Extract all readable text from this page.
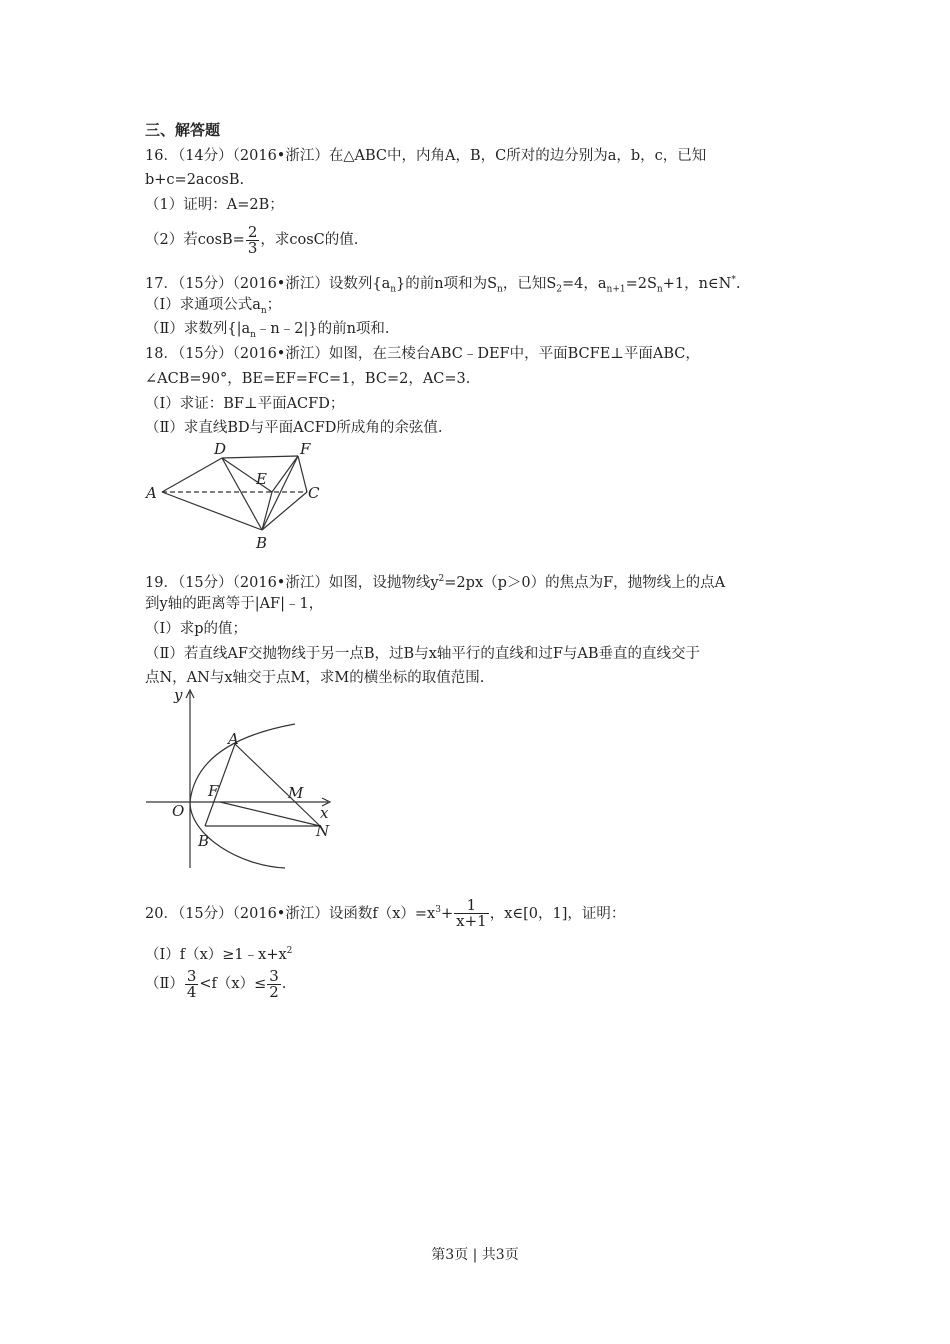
三、解答题
16．（14分）（2016•浙江）在△ABC中，内角A，B，C所对的边分别为a，b，c，已知
b+c=2acosB.
（1）证明：A=2B；
（2）若$\cos B= \frac{2}{3}$ ，求cosC的值.
17．（15分）（2016•浙江）设数列$\{a_n\}$的前n项和为$S_n$，已知$S_2=4$，$a_{n+1}=2S_n+1$，n∈N*.
（Ⅰ）求通项公式$a_n$；
（Ⅱ）求数列$\{|a_n﹣n﹣2|\}$的前n项和.
18．（15分）（2016•浙江）如图，在三棱台ABC﹣DEF中，平面BCFE⊥平面ABC，
∠ACB=90°，BE=EF=FC=1，BC=2，AC=3.
（Ⅰ）求证：BF⊥平面ACFD；
（Ⅱ）求直线BD与平面ACFD所成角的余弦值.
A
D	F
E
C
B
19．（15分）（2016•浙江）如图，设抛物线$y^2=2px(p>0)$的焦点为F，抛物线上的点A
到y轴的距离等于|AF|﹣1，
（Ⅰ）求p的值；
（Ⅱ）若直线AF交抛物线于另一点B，过B与x轴平行的直线和过F与AB垂直的直线交于
点N，AN与x轴交于点M，求M的横坐标的取值范围.
y
x
O
A
F	M
B
N
20．（15分）（2016•浙江）设函数$f(x)=x^3+ \frac{1}{x+1}$ ，x∈[0，1]，证明：
$(Ⅰ)f(x)\ge 1﹣x+x^2$
（Ⅱ） $\frac{3}{4} <f(x)\le \frac{3}{2}$ .
第3页 | 共3页
